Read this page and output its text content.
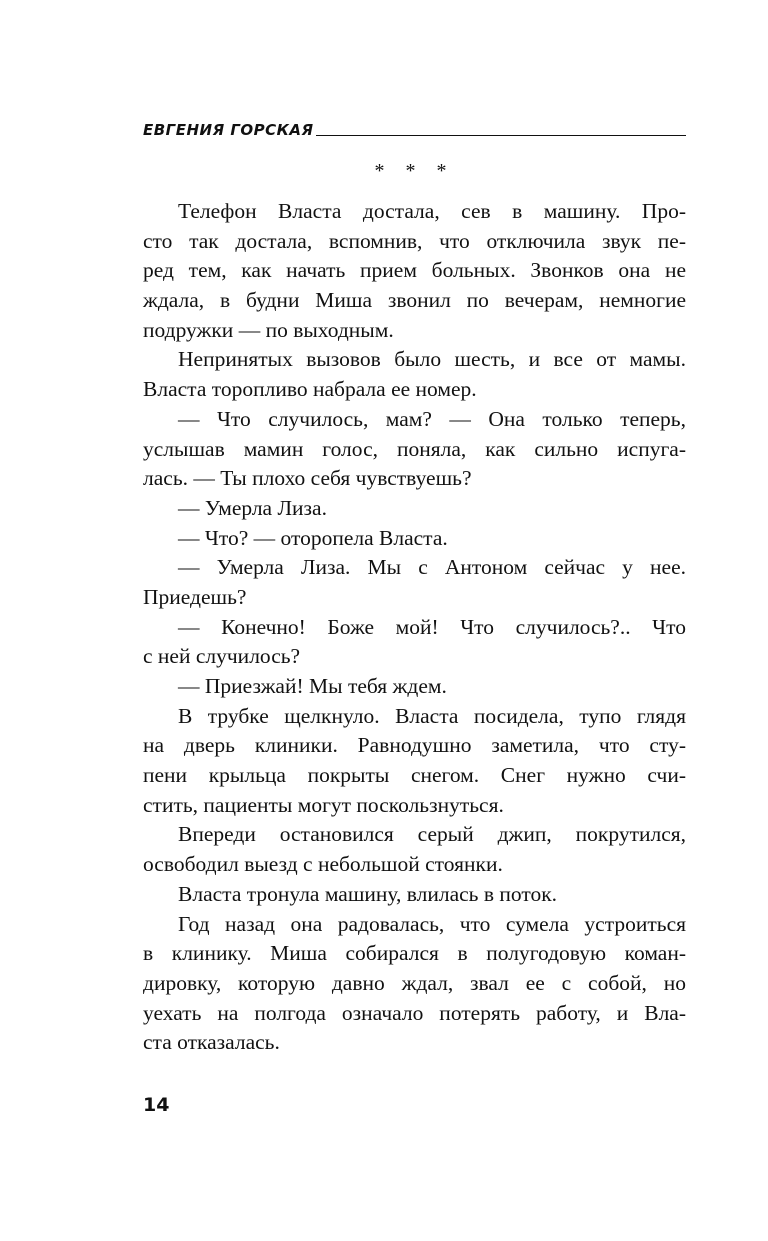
ЕВГЕНИЯ ГОРСКАЯ
* * *
Телефон Власта достала, сев в машину. Про-
сто так достала, вспомнив, что отключила звук пе-
ред тем, как начать прием больных. Звонков она не
ждала, в будни Миша звонил по вечерам, немногие
подружки — по выходным.
Непринятых вызовов было шесть, и все от мамы.
Власта торопливо набрала ее номер.
— Что случилось, мам? — Она только теперь,
услышав мамин голос, поняла, как сильно испуга-
лась. — Ты плохо себя чувствуешь?
— Умерла Лиза.
— Что? — оторопела Власта.
— Умерла Лиза. Мы с Антоном сейчас у нее.
Приедешь?
— Конечно! Боже мой! Что случилось?.. Что
с ней случилось?
— Приезжай! Мы тебя ждем.
В трубке щелкнуло. Власта посидела, тупо глядя
на дверь клиники. Равнодушно заметила, что сту-
пени крыльца покрыты снегом. Снег нужно счи-
стить, пациенты могут поскользнуться.
Впереди остановился серый джип, покрутился,
освободил выезд с небольшой стоянки.
Власта тронула машину, влилась в поток.
Год назад она радовалась, что сумела устроиться
в клинику. Миша собирался в полугодовую коман-
дировку, которую давно ждал, звал ее с собой, но
уехать на полгода означало потерять работу, и Вла-
ста отказалась.
14
